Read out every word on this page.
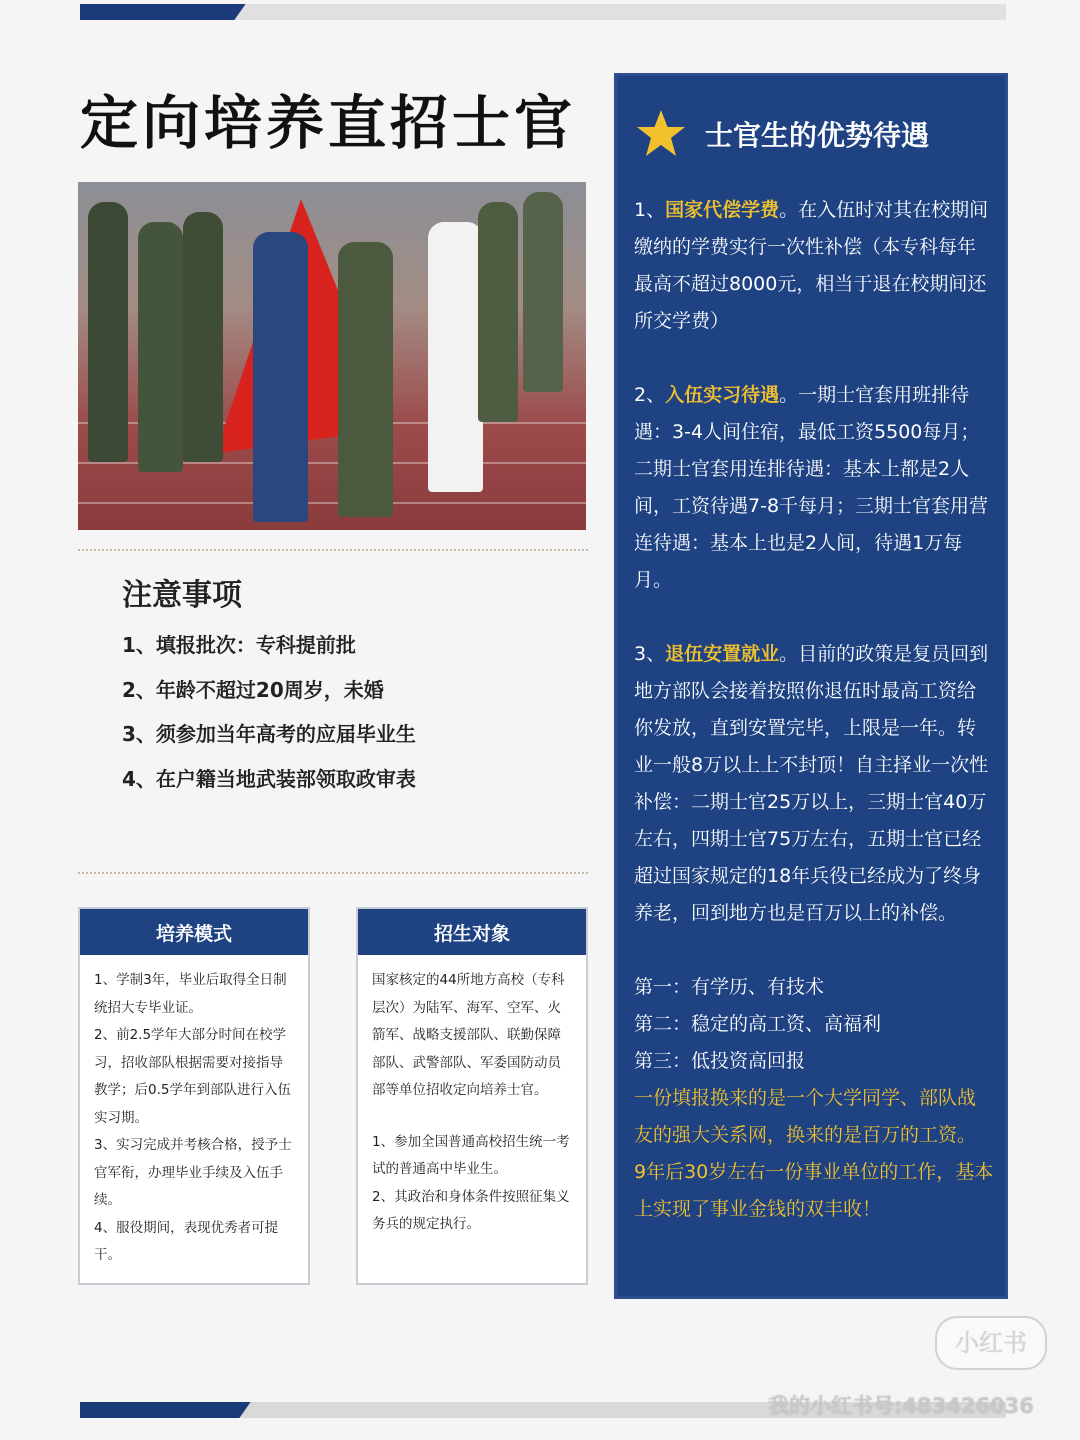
定向培养直招士官
注意事项
1、填报批次：专科提前批
2、年龄不超过20周岁，未婚
3、须参加当年高考的应届毕业生
4、在户籍当地武装部领取政审表
培养模式

1、学制3年，毕业后取得全日制统招大专毕业证。

2、前2.5学年大部分时间在校学习，招收部队根据需要对接指导教学；后0.5学年到部队进行入伍实习期。

3、实习完成并考核合格，授予士官军衔，办理毕业手续及入伍手续。

4、服役期间，表现优秀者可提干。

招生对象

国家核定的44所地方高校（专科层次）为陆军、海军、空军、火箭军、战略支援部队、联勤保障部队、武警部队、军委国防动员部等单位招收定向培养士官。

1、参加全国普通高校招生统一考试的普通高中毕业生。

2、其政治和身体条件按照征集义务兵的规定执行。

士官生的优势待遇
1、国家代偿学费。在入伍时对其在校期间缴纳的学费实行一次性补偿（本专科每年最高不超过8000元，相当于退在校期间还所交学费）
2、入伍实习待遇。一期士官套用班排待遇：3-4人间住宿，最低工资5500每月；二期士官套用连排待遇：基本上都是2人间，工资待遇7-8千每月；三期士官套用营连待遇：基本上也是2人间，待遇1万每月。
3、退伍安置就业。目前的政策是复员回到地方部队会接着按照你退伍时最高工资给你发放，直到安置完毕，上限是一年。转业一般8万以上上不封顶！自主择业一次性补偿：二期士官25万以上，三期士官40万左右，四期士官75万左右，五期士官已经超过国家规定的18年兵役已经成为了终身养老，回到地方也是百万以上的补偿。
第一：有学历、有技术
第二：稳定的高工资、高福利
第三：低投资高回报
一份填报换来的是一个大学同学、部队战友的强大关系网，换来的是百万的工资。 9年后30岁左右一份事业单位的工作，基本上实现了事业金钱的双丰收！
小红书
我的小红书号:483426036
